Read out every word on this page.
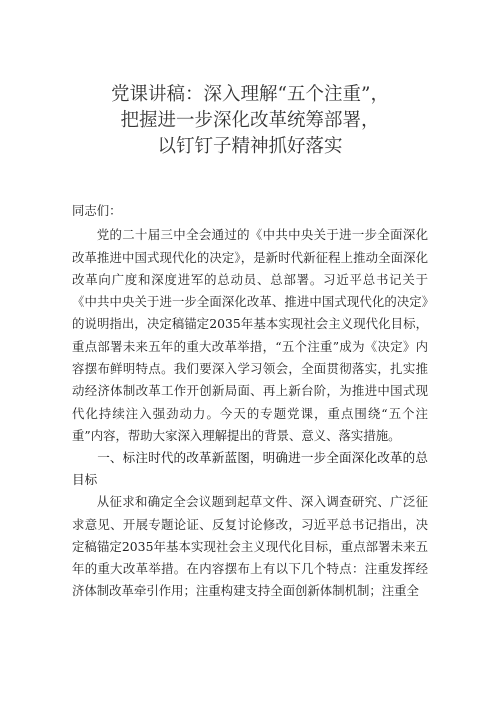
党课讲稿：深入理解“五个注重”，
把握进一步深化改革统筹部署，
以钉钉子精神抓好落实

同志们：

党的二十届三中全会通过的《中共中央关于进一步全面深化改革推进中国式现代化的决定》，是新时代新征程上推动全面深化改革向广度和深度进军的总动员、总部署。习近平总书记关于《中共中央关于进一步全面深化改革、推进中国式现代化的决定》的说明指出，决定稿锚定2035年基本实现社会主义现代化目标，重点部署未来五年的重大改革举措，“五个注重”成为《决定》内容摆布鲜明特点。我们要深入学习领会，全面贯彻落实，扎实推动经济体制改革工作开创新局面、再上新台阶，为推进中国式现代化持续注入强劲动力。今天的专题党课，重点围绕“五个注重”内容，帮助大家深入理解提出的背景、意义、落实措施。

一、标注时代的改革新蓝图，明确进一步全面深化改革的总目标

从征求和确定全会议题到起草文件、深入调查研究、广泛征求意见、开展专题论证、反复讨论修改，习近平总书记指出，决定稿锚定2035年基本实现社会主义现代化目标，重点部署未来五年的重大改革举措。在内容摆布上有以下几个特点：注重发挥经济体制改革牵引作用；注重构建支持全面创新体制机制；注重全
